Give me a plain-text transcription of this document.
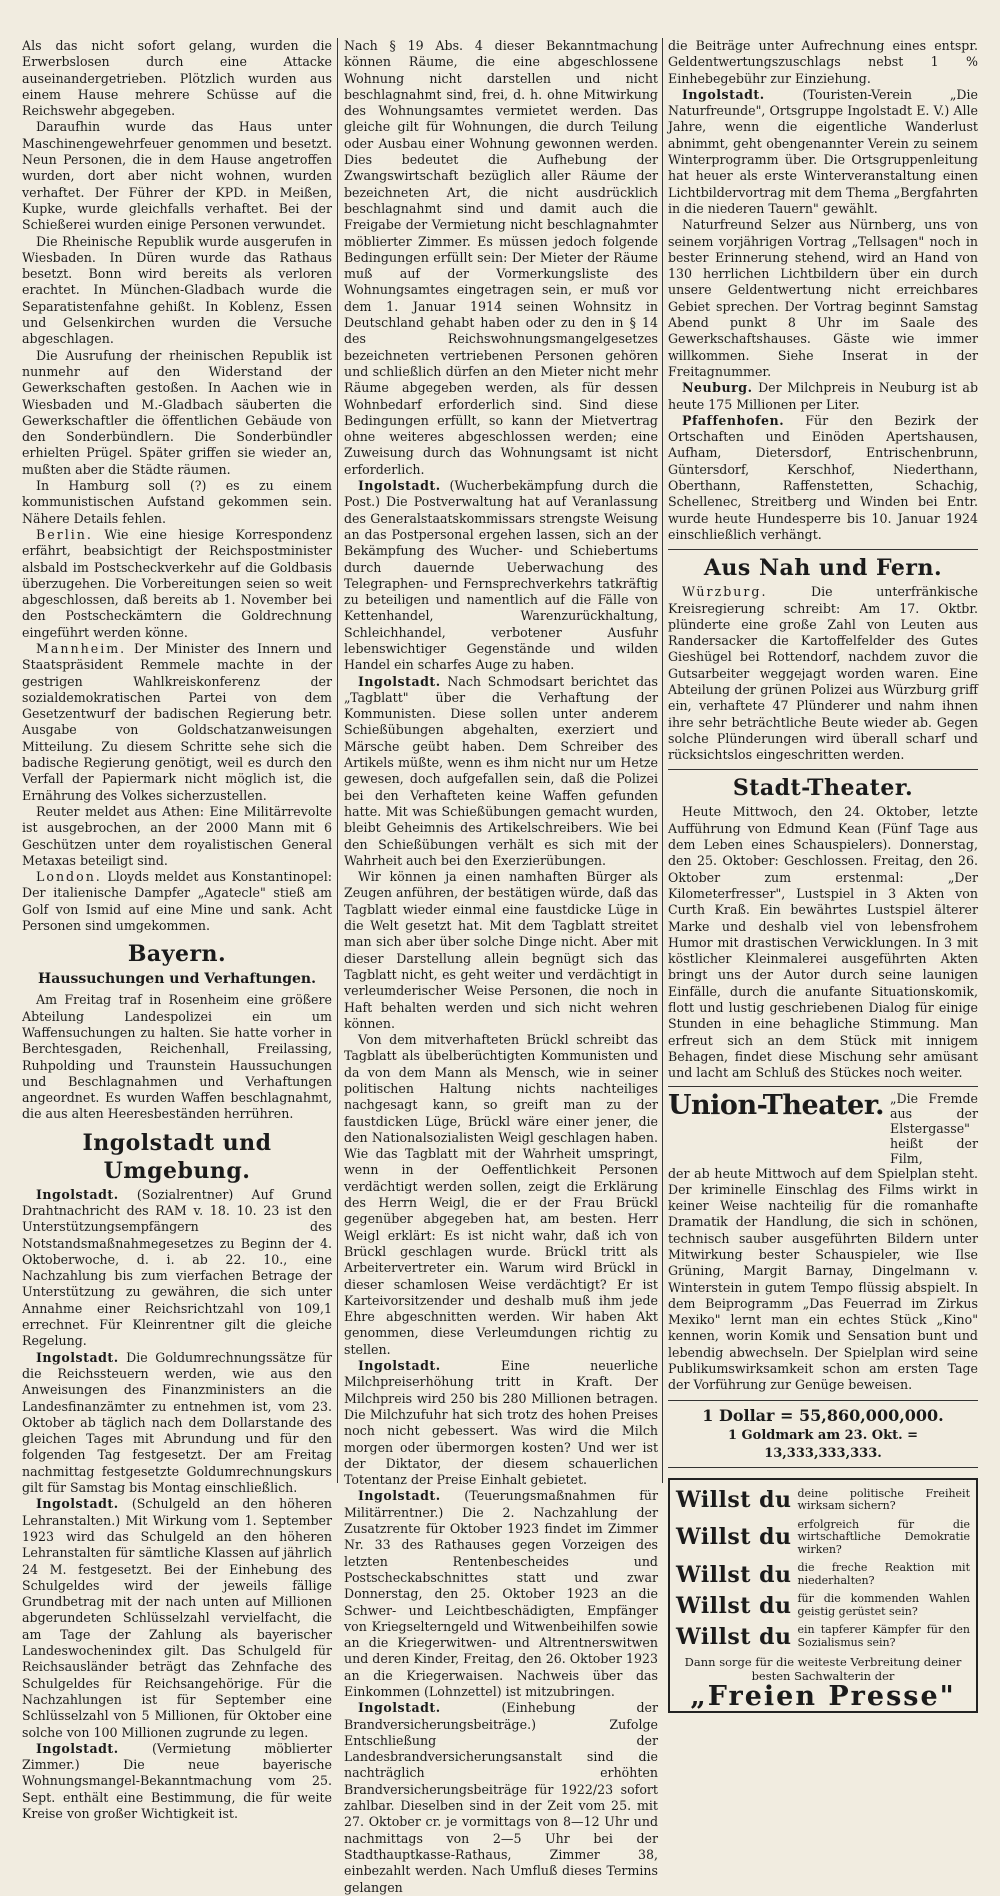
Als das nicht sofort gelang, wurden die Erwerbslosen durch eine Attacke auseinandergetrieben. Plötzlich wurden aus einem Hause mehrere Schüsse auf die Reichswehr abgegeben.

Daraufhin wurde das Haus unter Maschinengewehrfeuer genommen und besetzt. Neun Personen, die in dem Hause angetroffen wurden, dort aber nicht wohnen, wurden verhaftet. Der Führer der KPD. in Meißen, Kupke, wurde gleichfalls verhaftet. Bei der Schießerei wurden einige Personen verwundet.

Die Rheinische Republik wurde ausgerufen in Wiesbaden. In Düren wurde das Rathaus besetzt. Bonn wird bereits als verloren erachtet. In München-Gladbach wurde die Separatistenfahne gehißt. In Koblenz, Essen und Gelsenkirchen wurden die Versuche abgeschlagen.

Die Ausrufung der rheinischen Republik ist nunmehr auf den Widerstand der Gewerkschaften gestoßen. In Aachen wie in Wiesbaden und M.-Gladbach säuberten die Gewerkschaftler die öffentlichen Gebäude von den Sonderbündlern. Die Sonderbündler erhielten Prügel. Später griffen sie wieder an, mußten aber die Städte räumen.

In Hamburg soll (?) es zu einem kommunistischen Aufstand gekommen sein. Nähere Details fehlen.

Berlin. Wie eine hiesige Korrespondenz erfährt, beabsichtigt der Reichspostminister alsbald im Postscheckverkehr auf die Goldbasis überzugehen. Die Vorbereitungen seien so weit abgeschlossen, daß bereits ab 1. November bei den Postscheckämtern die Goldrechnung eingeführt werden könne.

Mannheim. Der Minister des Innern und Staatspräsident Remmele machte in der gestrigen Wahlkreiskonferenz der sozialdemokratischen Partei von dem Gesetzentwurf der badischen Regierung betr. Ausgabe von Goldschatzanweisungen Mitteilung. Zu diesem Schritte sehe sich die badische Regierung genötigt, weil es durch den Verfall der Papiermark nicht möglich ist, die Ernährung des Volkes sicherzustellen.

Reuter meldet aus Athen: Eine Militärrevolte ist ausgebrochen, an der 2000 Mann mit 6 Geschützen unter dem royalistischen General Metaxas beteiligt sind.

London. Lloyds meldet aus Konstantinopel: Der italienische Dampfer „Agatecle" stieß am Golf von Ismid auf eine Mine und sank. Acht Personen sind umgekommen.

Bayern.
Haussuchungen und Verhaftungen.

Am Freitag traf in Rosenheim eine größere Abteilung Landespolizei ein um Waffensuchungen zu halten. Sie hatte vorher in Berchtesgaden, Reichenhall, Freilassing, Ruhpolding und Traunstein Haussuchungen und Beschlagnahmen und Verhaftungen angeordnet. Es wurden Waffen beschlagnahmt, die aus alten Heeresbeständen herrühren.

Ingolstadt und Umgebung.

Ingolstadt. (Sozialrentner) Auf Grund Drahtnachricht des RAM v. 18. 10. 23 ist den Unterstützungsempfängern des Notstandsmaßnahmegesetzes zu Beginn der 4. Oktoberwoche, d. i. ab 22. 10., eine Nachzahlung bis zum vierfachen Betrage der Unterstützung zu gewähren, die sich unter Annahme einer Reichsrichtzahl von 109,1 errechnet. Für Kleinrentner gilt die gleiche Regelung.

Ingolstadt. Die Goldumrechnungssätze für die Reichssteuern werden, wie aus den Anweisungen des Finanzministers an die Landesfinanzämter zu entnehmen ist, vom 23. Oktober ab täglich nach dem Dollarstande des gleichen Tages mit Abrundung und für den folgenden Tag festgesetzt. Der am Freitag nachmittag festgesetzte Goldumrechnungskurs gilt für Samstag bis Montag einschließlich.

Ingolstadt. (Schulgeld an den höheren Lehranstalten.) Mit Wirkung vom 1. September 1923 wird das Schulgeld an den höheren Lehranstalten für sämtliche Klassen auf jährlich 24 M. festgesetzt. Bei der Einhebung des Schulgeldes wird der jeweils fällige Grundbetrag mit der nach unten auf Millionen abgerundeten Schlüsselzahl vervielfacht, die am Tage der Zahlung als bayerischer Landeswochenindex gilt. Das Schulgeld für Reichsausländer beträgt das Zehnfache des Schulgeldes für Reichsangehörige. Für die Nachzahlungen ist für September eine Schlüsselzahl von 5 Millionen, für Oktober eine solche von 100 Millionen zugrunde zu legen.

Ingolstadt. (Vermietung möblierter Zimmer.) Die neue bayerische Wohnungsmangel-Bekanntmachung vom 25. Sept. enthält eine Bestimmung, die für weite Kreise von großer Wichtigkeit ist.

Nach § 19 Abs. 4 dieser Bekanntmachung können Räume, die eine abgeschlossene Wohnung nicht darstellen und nicht beschlagnahmt sind, frei, d. h. ohne Mitwirkung des Wohnungsamtes vermietet werden. Das gleiche gilt für Wohnungen, die durch Teilung oder Ausbau einer Wohnung gewonnen werden. Dies bedeutet die Aufhebung der Zwangswirtschaft bezüglich aller Räume der bezeichneten Art, die nicht ausdrücklich beschlagnahmt sind und damit auch die Freigabe der Vermietung nicht beschlagnahmter möblierter Zimmer. Es müssen jedoch folgende Bedingungen erfüllt sein: Der Mieter der Räume muß auf der Vormerkungsliste des Wohnungsamtes eingetragen sein, er muß vor dem 1. Januar 1914 seinen Wohnsitz in Deutschland gehabt haben oder zu den in § 14 des Reichswohnungsmangelgesetzes bezeichneten vertriebenen Personen gehören und schließlich dürfen an den Mieter nicht mehr Räume abgegeben werden, als für dessen Wohnbedarf erforderlich sind. Sind diese Bedingungen erfüllt, so kann der Mietvertrag ohne weiteres abgeschlossen werden; eine Zuweisung durch das Wohnungsamt ist nicht erforderlich.

Ingolstadt. (Wucherbekämpfung durch die Post.) Die Postverwaltung hat auf Veranlassung des Generalstaatskommissars strengste Weisung an das Postpersonal ergehen lassen, sich an der Bekämpfung des Wucher- und Schiebertums durch dauernde Ueberwachung des Telegraphen- und Fernsprechverkehrs tatkräftig zu beteiligen und namentlich auf die Fälle von Kettenhandel, Warenzurückhaltung, Schleichhandel, verbotener Ausfuhr lebenswichtiger Gegenstände und wilden Handel ein scharfes Auge zu haben.

Ingolstadt. Nach Schmodsart berichtet das „Tagblatt" über die Verhaftung der Kommunisten. Diese sollen unter anderem Schießübungen abgehalten, exerziert und Märsche geübt haben. Dem Schreiber des Artikels müßte, wenn es ihm nicht nur um Hetze gewesen, doch aufgefallen sein, daß die Polizei bei den Verhafteten keine Waffen gefunden hatte. Mit was Schießübungen gemacht wurden, bleibt Geheimnis des Artikelschreibers. Wie bei den Schießübungen verhält es sich mit der Wahrheit auch bei den Exerzierübungen.

Wir können ja einen namhaften Bürger als Zeugen anführen, der bestätigen würde, daß das Tagblatt wieder einmal eine faustdicke Lüge in die Welt gesetzt hat. Mit dem Tagblatt streitet man sich aber über solche Dinge nicht. Aber mit dieser Darstellung allein begnügt sich das Tagblatt nicht, es geht weiter und verdächtigt in verleumderischer Weise Personen, die noch in Haft behalten werden und sich nicht wehren können.

Von dem mitverhafteten Brückl schreibt das Tagblatt als übelberüchtigten Kommunisten und da von dem Mann als Mensch, wie in seiner politischen Haltung nichts nachteiliges nachgesagt kann, so greift man zu der faustdicken Lüge, Brückl wäre einer jener, die den Nationalsozialisten Weigl geschlagen haben. Wie das Tagblatt mit der Wahrheit umspringt, wenn in der Oeffentlichkeit Personen verdächtigt werden sollen, zeigt die Erklärung des Herrn Weigl, die er der Frau Brückl gegenüber abgegeben hat, am besten. Herr Weigl erklärt: Es ist nicht wahr, daß ich von Brückl geschlagen wurde. Brückl tritt als Arbeitervertreter ein. Warum wird Brückl in dieser schamlosen Weise verdächtigt? Er ist Karteivorsitzender und deshalb muß ihm jede Ehre abgeschnitten werden. Wir haben Akt genommen, diese Verleumdungen richtig zu stellen.

Ingolstadt. Eine neuerliche Milchpreiserhöhung tritt in Kraft. Der Milchpreis wird 250 bis 280 Millionen betragen. Die Milchzufuhr hat sich trotz des hohen Preises noch nicht gebessert. Was wird die Milch morgen oder übermorgen kosten? Und wer ist der Diktator, der diesem schauerlichen Totentanz der Preise Einhalt gebietet.

Ingolstadt. (Teuerungsmaßnahmen für Militärrentner.) Die 2. Nachzahlung der Zusatzrente für Oktober 1923 findet im Zimmer Nr. 33 des Rathauses gegen Vorzeigen des letzten Rentenbescheides und Postscheckabschnittes statt und zwar Donnerstag, den 25. Oktober 1923 an die Schwer- und Leichtbeschädigten, Empfänger von Kriegselterngeld und Witwenbeihilfen sowie an die Kriegerwitwen- und Altrentnerswitwen und deren Kinder, Freitag, den 26. Oktober 1923 an die Kriegerwaisen. Nachweis über das Einkommen (Lohnzettel) ist mitzubringen.

Ingolstadt. (Einhebung der Brandversicherungsbeiträge.) Zufolge Entschließung der Landesbrandversicherungsanstalt sind die nachträglich erhöhten Brandversicherungsbeiträge für 1922/23 sofort zahlbar. Dieselben sind in der Zeit vom 25. mit 27. Oktober cr. je vormittags von 8—12 Uhr und nachmittags von 2—5 Uhr bei der Stadthauptkasse-Rathaus, Zimmer 38, einbezahlt werden. Nach Umfluß dieses Termins gelangen

die Beiträge unter Aufrechnung eines entspr. Geldentwertungszuschlags nebst 1 % Einhebegebühr zur Einziehung.

Ingolstadt. (Touristen-Verein „Die Naturfreunde", Ortsgruppe Ingolstadt E. V.) Alle Jahre, wenn die eigentliche Wanderlust abnimmt, geht obengenannter Verein zu seinem Winterprogramm über. Die Ortsgruppenleitung hat heuer als erste Winterveranstaltung einen Lichtbildervortrag mit dem Thema „Bergfahrten in die niederen Tauern" gewählt.

Naturfreund Selzer aus Nürnberg, uns von seinem vorjährigen Vortrag „Tellsagen" noch in bester Erinnerung stehend, wird an Hand von 130 herrlichen Lichtbildern über ein durch unsere Geldentwertung nicht erreichbares Gebiet sprechen. Der Vortrag beginnt Samstag Abend punkt 8 Uhr im Saale des Gewerkschaftshauses. Gäste wie immer willkommen. Siehe Inserat in der Freitagnummer.

Neuburg. Der Milchpreis in Neuburg ist ab heute 175 Millionen per Liter.

Pfaffenhofen. Für den Bezirk der Ortschaften und Einöden Apertshausen, Aufham, Dietersdorf, Entrischenbrunn, Güntersdorf, Kerschhof, Niederthann, Oberthann, Raffenstetten, Schachig, Schellenec, Streitberg und Winden bei Entr. wurde heute Hundesperre bis 10. Januar 1924 einschließlich verhängt.

Aus Nah und Fern.

Würzburg. Die unterfränkische Kreisregierung schreibt: Am 17. Oktbr. plünderte eine große Zahl von Leuten aus Randersacker die Kartoffelfelder des Gutes Gieshügel bei Rottendorf, nachdem zuvor die Gutsarbeiter weggejagt worden waren. Eine Abteilung der grünen Polizei aus Würzburg griff ein, verhaftete 47 Plünderer und nahm ihnen ihre sehr beträchtliche Beute wieder ab. Gegen solche Plünderungen wird überall scharf und rücksichtslos eingeschritten werden.

Stadt-Theater.

Heute Mittwoch, den 24. Oktober, letzte Aufführung von Edmund Kean (Fünf Tage aus dem Leben eines Schauspielers). Donnerstag, den 25. Oktober: Geschlossen. Freitag, den 26. Oktober zum erstenmal: „Der Kilometerfresser", Lustspiel in 3 Akten von Curth Kraß. Ein bewährtes Lustspiel älterer Marke und deshalb viel von lebensfrohem Humor mit drastischen Verwicklungen. In 3 mit köstlicher Kleinmalerei ausgeführten Akten bringt uns der Autor durch seine launigen Einfälle, durch die anufante Situationskomik, flott und lustig geschriebenen Dialog für einige Stunden in eine behagliche Stimmung. Man erfreut sich an dem Stück mit innigem Behagen, findet diese Mischung sehr amüsant und lacht am Schluß des Stückes noch weiter.

Union-Theater. „Die Fremde aus der Elstergasse" heißt der Film,

der ab heute Mittwoch auf dem Spielplan steht. Der kriminelle Einschlag des Films wirkt in keiner Weise nachteilig für die romanhafte Dramatik der Handlung, die sich in schönen, technisch sauber ausgeführten Bildern unter Mitwirkung bester Schauspieler, wie Ilse Grüning, Margit Barnay, Dingelmann v. Winterstein in gutem Tempo flüssig abspielt. In dem Beiprogramm „Das Feuerrad im Zirkus Mexiko" lernt man ein echtes Stück „Kino" kennen, worin Komik und Sensation bunt und lebendig abwechseln. Der Spielplan wird seine Publikumswirksamkeit schon am ersten Tage der Vorführung zur Genüge beweisen.

1 Dollar = 55,860,000,000.
1 Goldmark am 23. Okt. = 13,333,333,333.
Willst du deine politische Freiheit wirksam sichern?
Willst du
erfolgreich für die wirtschaftliche Demokratie wirken?
Willst du die freche Reaktion mit niederhalten?
Willst du für die kommenden Wahlen geistig gerüstet sein?
Willst du ein tapferer Kämpfer für den Sozialismus sein?
Dann sorge für die weiteste Verbreitung deiner besten Sachwalterin der
„Freien Presse"
